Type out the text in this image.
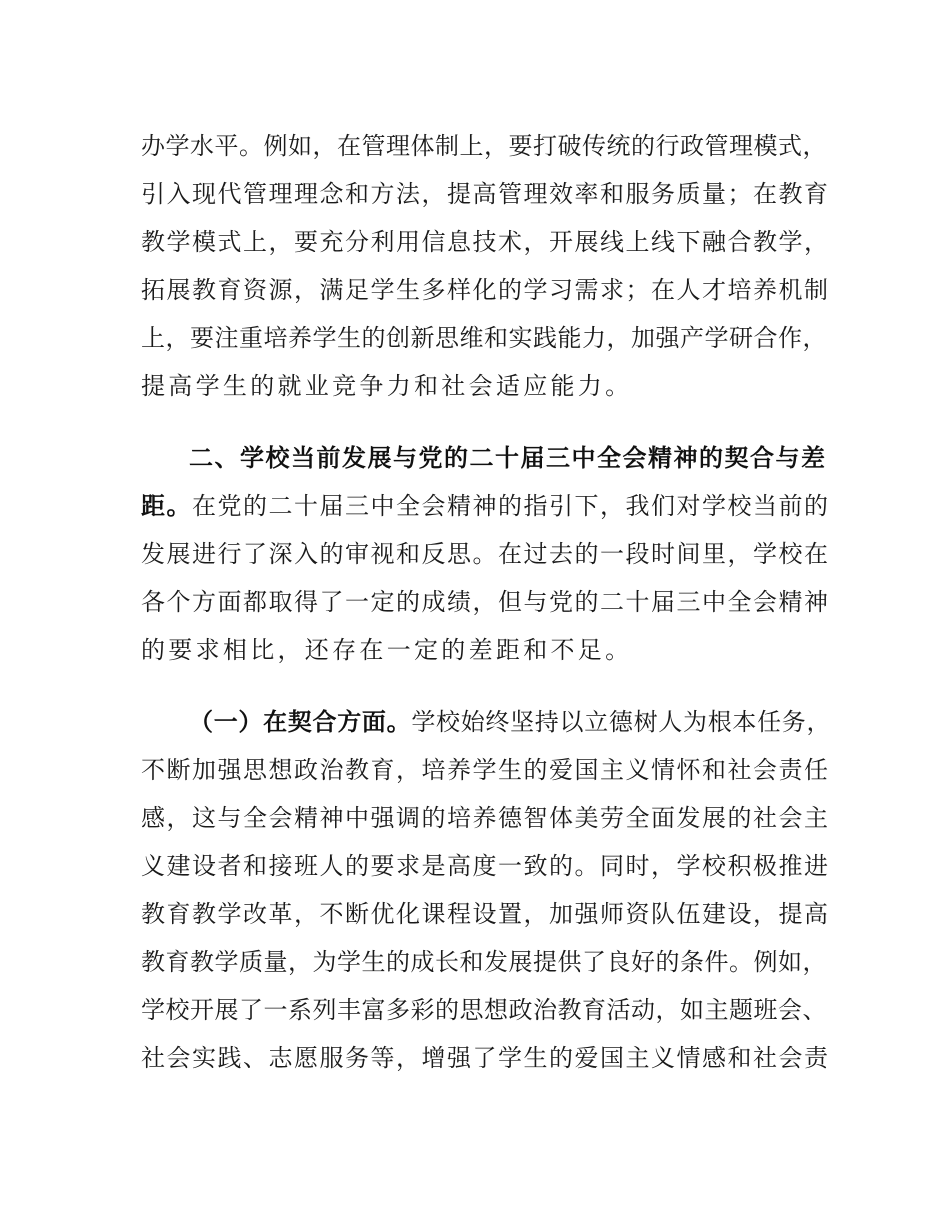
办学水平。例如，在管理体制上，要打破传统的行政管理模式，
引入现代管理理念和方法，提高管理效率和服务质量；在教育
教学模式上，要充分利用信息技术，开展线上线下融合教学，
拓展教育资源，满足学生多样化的学习需求；在人才培养机制
上，要注重培养学生的创新思维和实践能力，加强产学研合作，
提高学生的就业竞争力和社会适应能力。
二、学校当前发展与党的二十届三中全会精神的契合与差
距。在党的二十届三中全会精神的指引下，我们对学校当前的
发展进行了深入的审视和反思。在过去的一段时间里，学校在
各个方面都取得了一定的成绩，但与党的二十届三中全会精神
的要求相比，还存在一定的差距和不足。
（一）在契合方面。学校始终坚持以立德树人为根本任务，
不断加强思想政治教育，培养学生的爱国主义情怀和社会责任
感，这与全会精神中强调的培养德智体美劳全面发展的社会主
义建设者和接班人的要求是高度一致的。同时，学校积极推进
教育教学改革，不断优化课程设置，加强师资队伍建设，提高
教育教学质量，为学生的成长和发展提供了良好的条件。例如，
学校开展了一系列丰富多彩的思想政治教育活动，如主题班会、
社会实践、志愿服务等，增强了学生的爱国主义情感和社会责
